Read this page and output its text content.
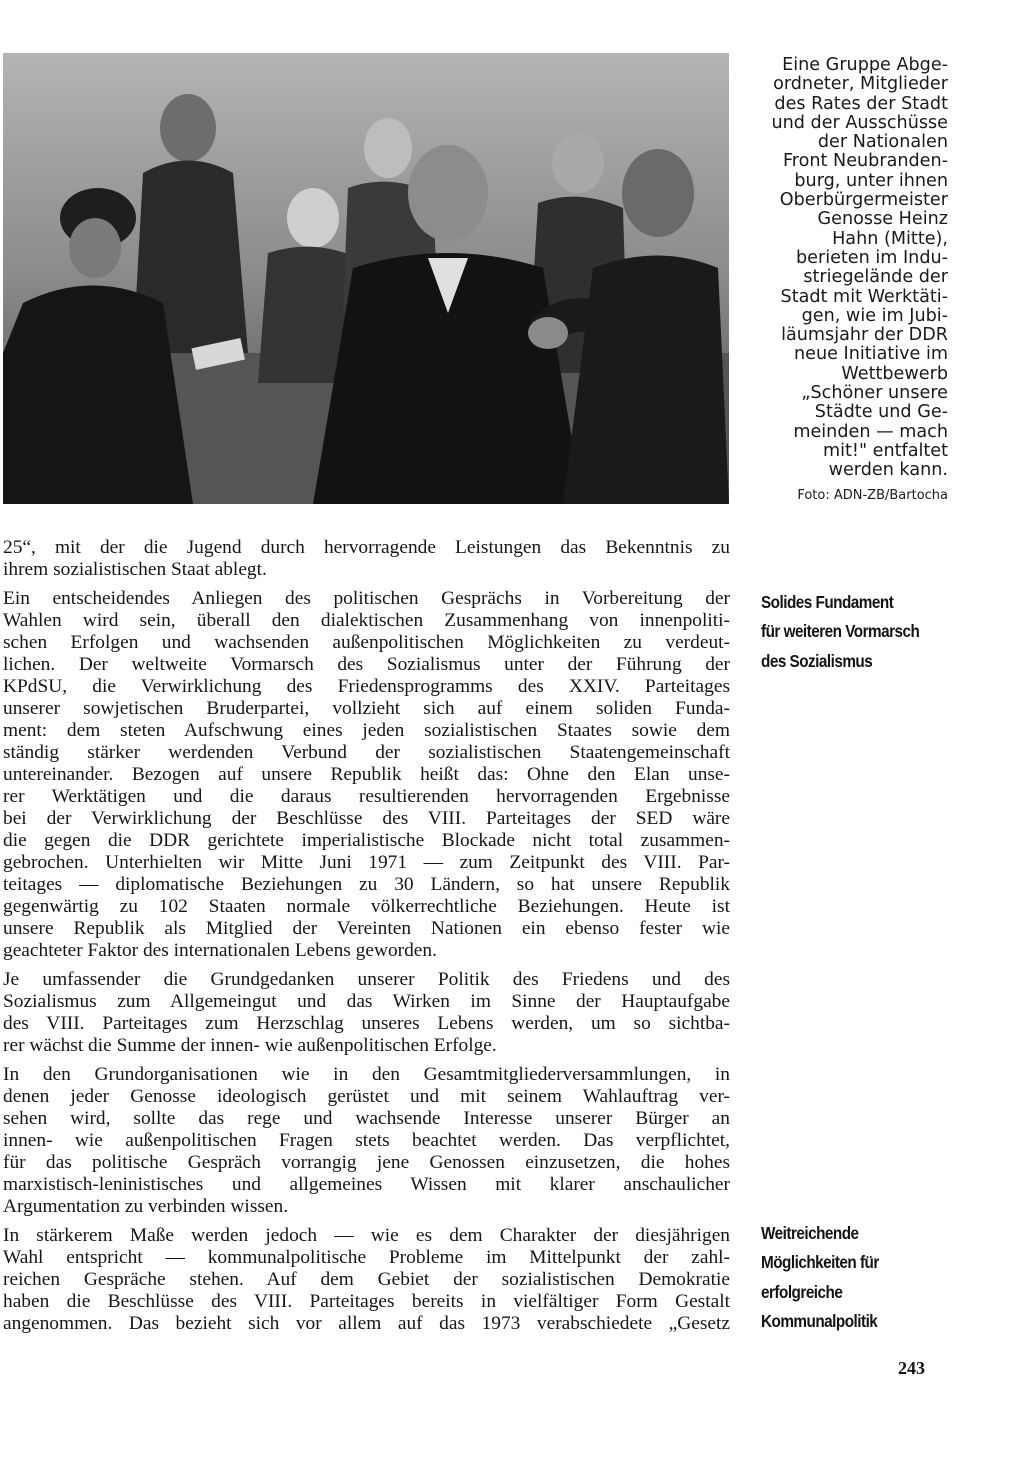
Eine Gruppe Abge-
ordneter, Mitglieder
des Rates der Stadt
und der Ausschüsse
der Nationalen
Front Neubranden-
burg, unter ihnen
Oberbürgermeister
Genosse Heinz
Hahn (Mitte),
berieten im Indu-
striegelände der
Stadt mit Werktäti-
gen, wie im Jubi-
läumsjahr der DDR
neue Initiative im
Wettbewerb
„Schöner unsere
Städte und Ge-
meinden — mach
mit!" entfaltet
werden kann.
Foto: ADN-ZB/Bartocha

25“, mit der die Jugend durch hervorragende Leistungen das Bekenntnis zu
ihrem sozialistischen Staat ablegt.

Ein entscheidendes Anliegen des politischen Gesprächs in Vorbereitung der
Wahlen wird sein, überall den dialektischen Zusammenhang von innenpoliti-
schen Erfolgen und wachsenden außenpolitischen Möglichkeiten zu verdeut-
lichen. Der weltweite Vormarsch des Sozialismus unter der Führung der
KPdSU, die Verwirklichung des Friedensprogramms des XXIV. Parteitages
unserer sowjetischen Bruderpartei, vollzieht sich auf einem soliden Funda-
ment: dem steten Aufschwung eines jeden sozialistischen Staates sowie dem
ständig stärker werdenden Verbund der sozialistischen Staatengemeinschaft
untereinander. Bezogen auf unsere Republik heißt das: Ohne den Elan unse-
rer Werktätigen und die daraus resultierenden hervorragenden Ergebnisse
bei der Verwirklichung der Beschlüsse des VIII. Parteitages der SED wäre
die gegen die DDR gerichtete imperialistische Blockade nicht total zusammen-
gebrochen. Unterhielten wir Mitte Juni 1971 — zum Zeitpunkt des VIII. Par-
teitages — diplomatische Beziehungen zu 30 Ländern, so hat unsere Republik
gegenwärtig zu 102 Staaten normale völkerrechtliche Beziehungen. Heute ist
unsere Republik als Mitglied der Vereinten Nationen ein ebenso fester wie
geachteter Faktor des internationalen Lebens geworden.

Je umfassender die Grundgedanken unserer Politik des Friedens und des
Sozialismus zum Allgemeingut und das Wirken im Sinne der Hauptaufgabe
des VIII. Parteitages zum Herzschlag unseres Lebens werden, um so sichtba-
rer wächst die Summe der innen- wie außenpolitischen Erfolge.

In den Grundorganisationen wie in den Gesamtmitgliederversammlungen, in
denen jeder Genosse ideologisch gerüstet und mit seinem Wahlauftrag ver-
sehen wird, sollte das rege und wachsende Interesse unserer Bürger an
innen- wie außenpolitischen Fragen stets beachtet werden. Das verpflichtet,
für das politische Gespräch vorrangig jene Genossen einzusetzen, die hohes
marxistisch-leninistisches und allgemeines Wissen mit klarer anschaulicher
Argumentation zu verbinden wissen.

In stärkerem Maße werden jedoch — wie es dem Charakter der diesjährigen
Wahl entspricht — kommunalpolitische Probleme im Mittelpunkt der zahl-
reichen Gespräche stehen. Auf dem Gebiet der sozialistischen Demokratie
haben die Beschlüsse des VIII. Parteitages bereits in vielfältiger Form Gestalt
angenommen. Das bezieht sich vor allem auf das 1973 verabschiedete „Gesetz

Solides Fundament
für weiteren Vormarsch
des Sozialismus
Weitreichende
Möglichkeiten für
erfolgreiche
Kommunalpolitik
243
